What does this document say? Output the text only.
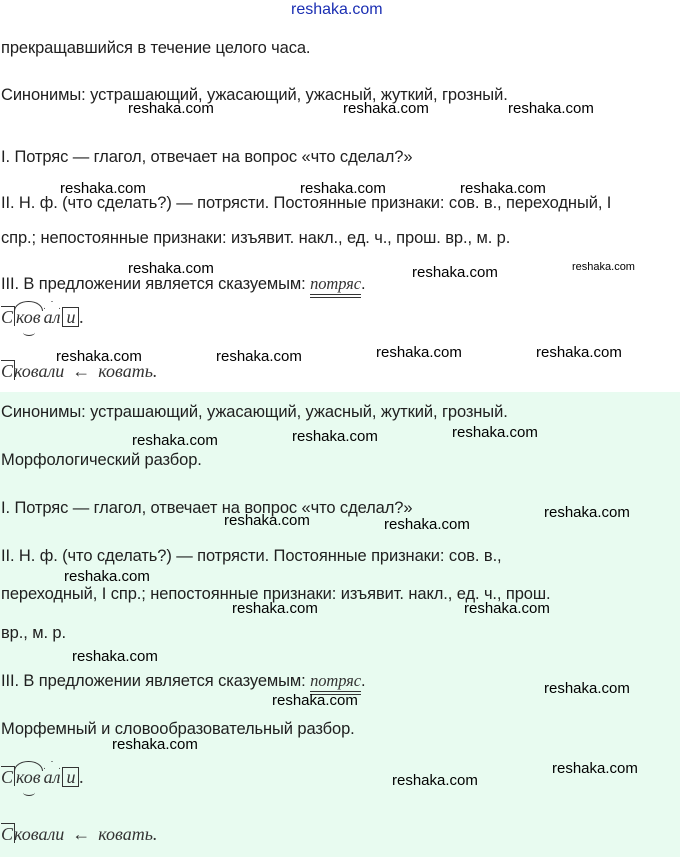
прекращавшийся в течение целого часа.
Синонимы: устрашающий, ужасающий, ужасный, жуткий, грозный.
I. Потряс — глагол, отвечает на вопрос «что сделал?»
II. Н. ф. (что сделать?) — потрясти. Постоянные признаки: сов. в., переходный, I
спр.; непостоянные признаки: изъявит. накл., ед. ч., прош. вр., м. р.
III. В предложении является сказуемым: потряс.
С ков ал и .
Сковали ← ковать.
Синонимы: устрашающий, ужасающий, ужасный, жуткий, грозный.
Морфологический разбор.
I. Потряс — глагол, отвечает на вопрос «что сделал?»
II. Н. ф. (что сделать?) — потрясти. Постоянные признаки: сов. в.,
переходный, I спр.; непостоянные признаки: изъявит. накл., ед. ч., прош.
вр., м. р.
III. В предложении является сказуемым: потряс.
Морфемный и словообразовательный разбор.
С ков ал и .
Сковали ← ковать.
reshaka.com
reshaka.com	reshaka.com	reshaka.com
reshaka.com	reshaka.com	reshaka.com
reshaka.com	reshaka.com	reshaka.com
reshaka.com	reshaka.com	reshaka.com	reshaka.com
reshaka.com	reshaka.com	reshaka.com
reshaka.com
reshaka.com	reshaka.com
reshaka.com
reshaka.com	reshaka.com
reshaka.com
reshaka.com
reshaka.com
reshaka.com
reshaka.com
reshaka.com
